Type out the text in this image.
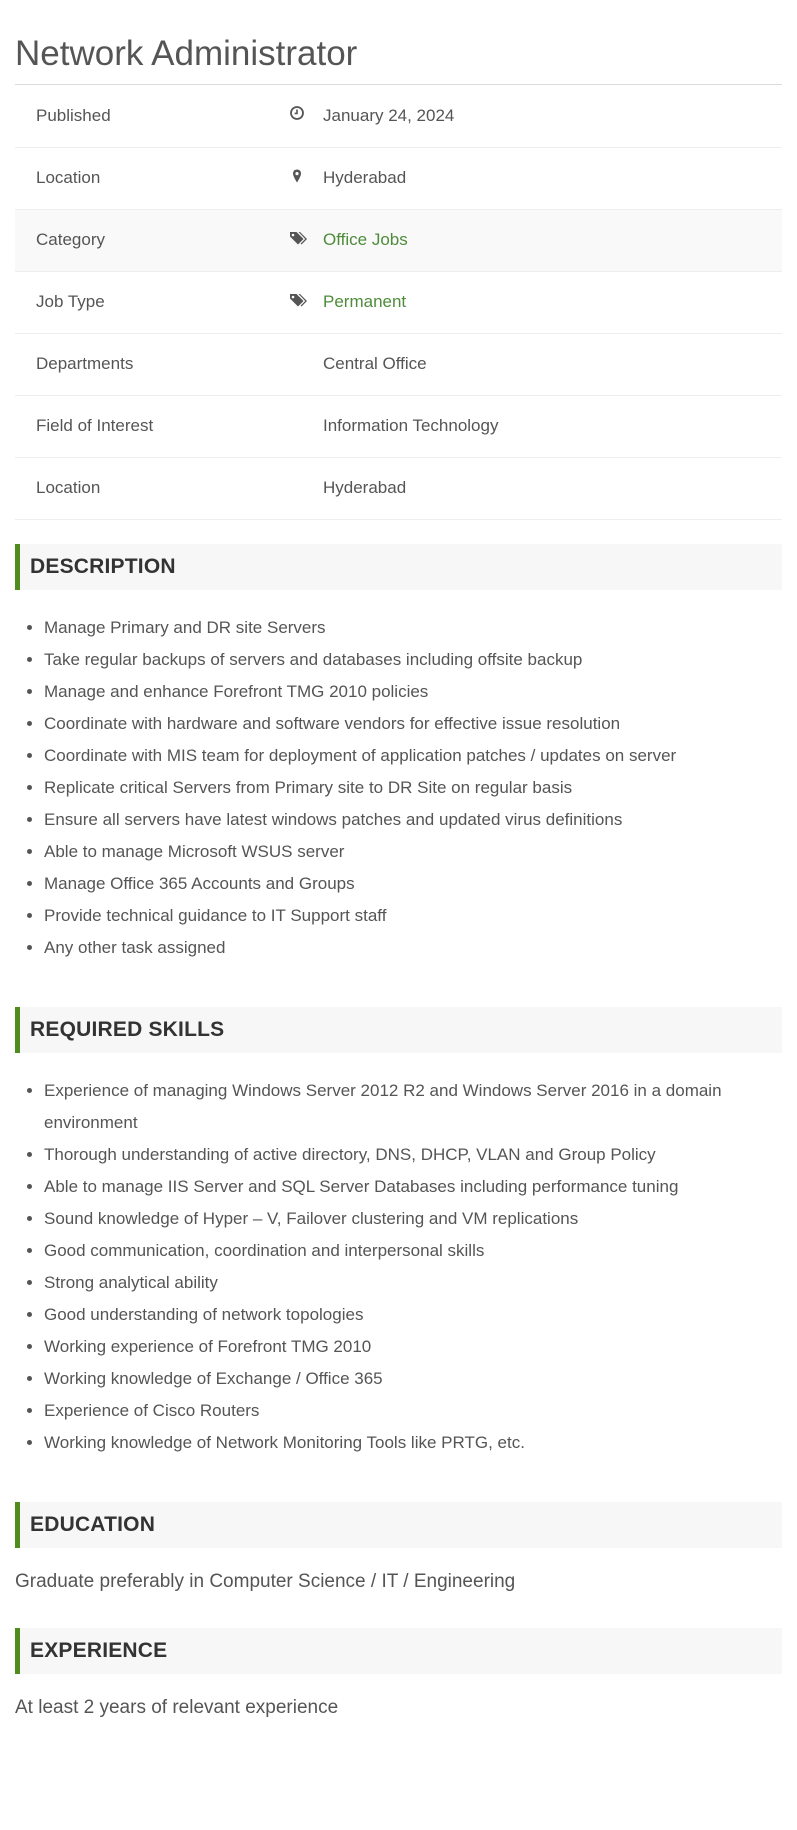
Network Administrator
Published		January 24, 2024
Location		Hyderabad
Category		Office Jobs
Job Type		Permanent
Departments		Central Office
Field of Interest		Information Technology
Location		Hyderabad
DESCRIPTION
• Manage Primary and DR site Servers
• Take regular backups of servers and databases including offsite backup
• Manage and enhance Forefront TMG 2010 policies
• Coordinate with hardware and software vendors for effective issue resolution
• Coordinate with MIS team for deployment of application patches / updates on server
• Replicate critical Servers from Primary site to DR Site on regular basis
• Ensure all servers have latest windows patches and updated virus definitions
• Able to manage Microsoft WSUS server
• Manage Office 365 Accounts and Groups
• Provide technical guidance to IT Support staff
• Any other task assigned
REQUIRED SKILLS
• Experience of managing Windows Server 2012 R2 and Windows Server 2016 in a domain environment
• Thorough understanding of active directory, DNS, DHCP, VLAN and Group Policy
• Able to manage IIS Server and SQL Server Databases including performance tuning
• Sound knowledge of Hyper – V, Failover clustering and VM replications
• Good communication, coordination and interpersonal skills
• Strong analytical ability
• Good understanding of network topologies
• Working experience of Forefront TMG 2010
• Working knowledge of Exchange / Office 365
• Experience of Cisco Routers
• Working knowledge of Network Monitoring Tools like PRTG, etc.
EDUCATION

Graduate preferably in Computer Science / IT / Engineering

EXPERIENCE

At least 2 years of relevant experience
